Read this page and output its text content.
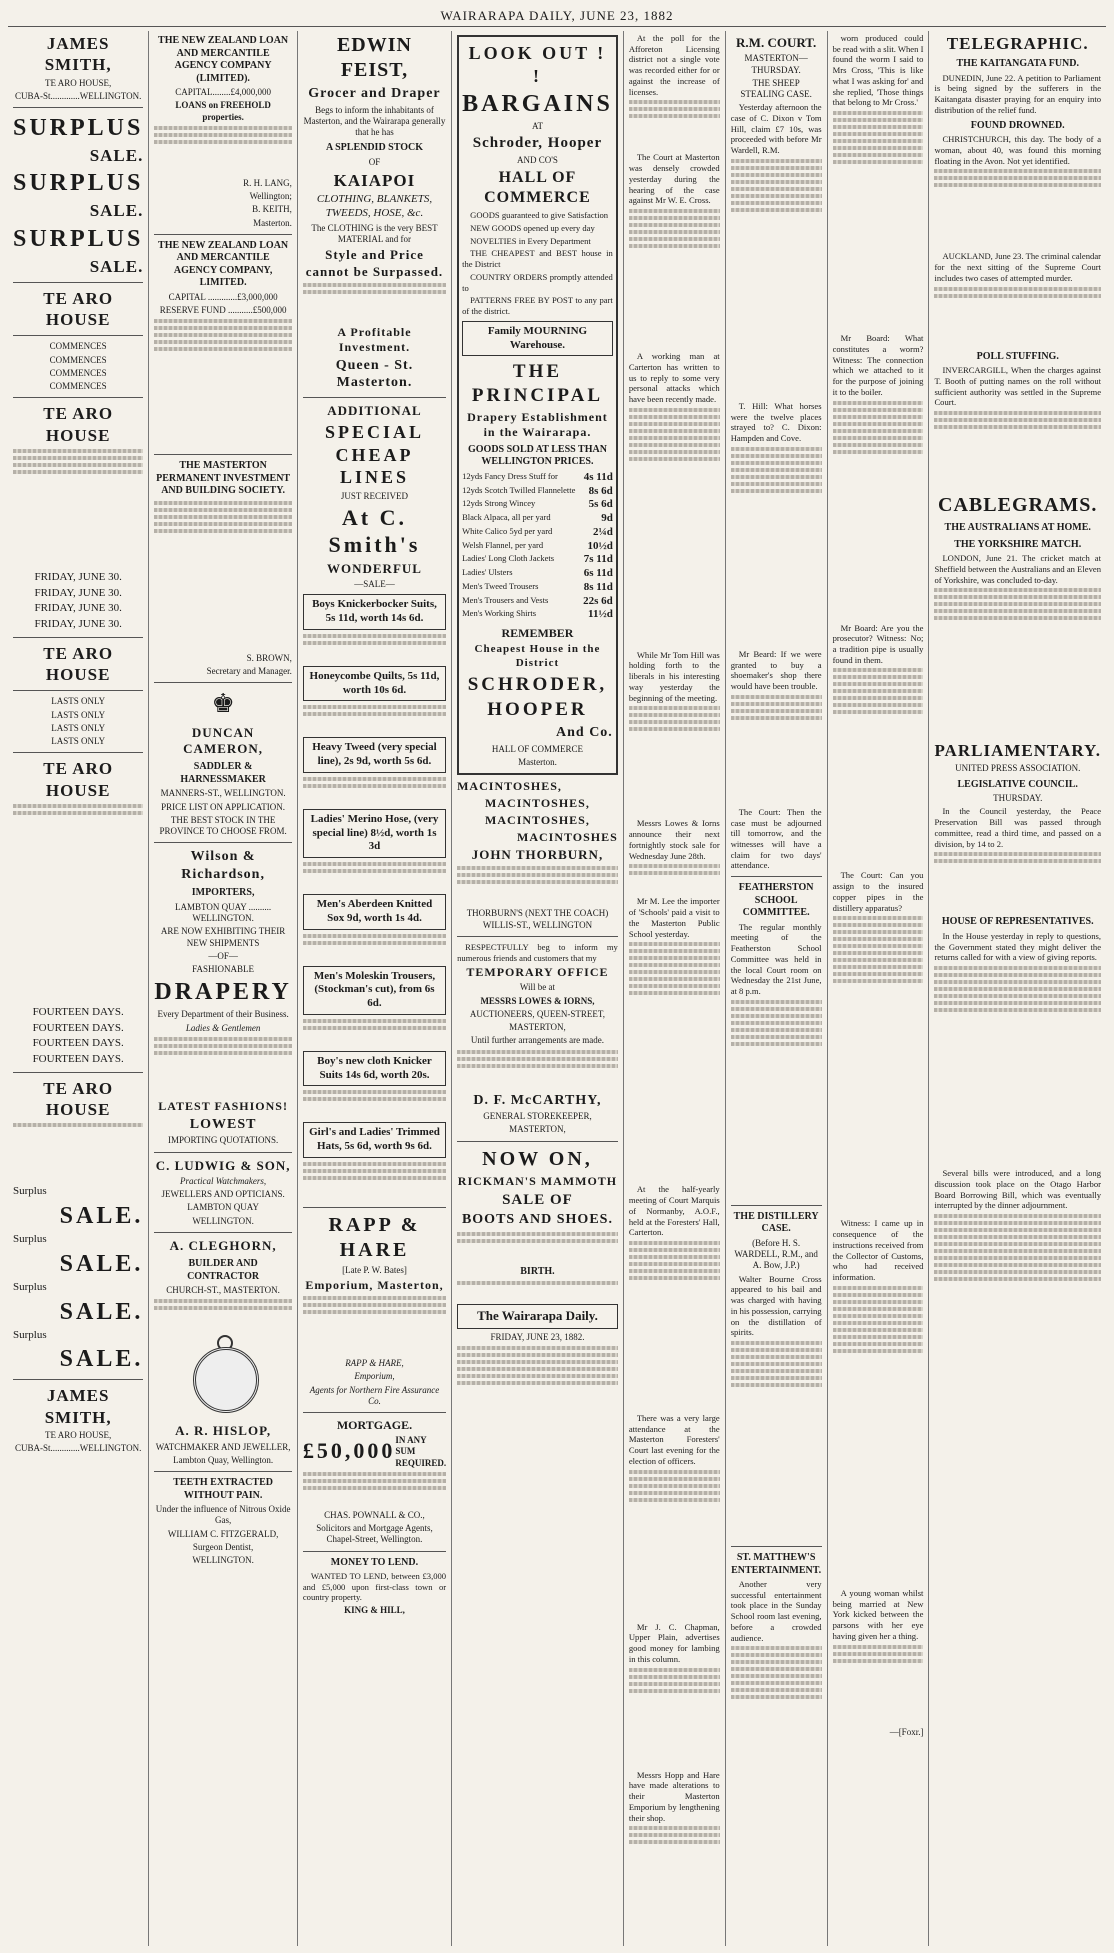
WAIRARAPA DAILY, JUNE 23, 1882
JAMES SMITH,
TE ARO HOUSE,
CUBA-St.............WELLINGTON.
SURPLUS
SALE.
SURPLUS
SALE.
SURPLUS
SALE.
TE ARO HOUSE
COMMENCES
COMMENCES
COMMENCES
COMMENCES
TE ARO HOUSE
FRIDAY, JUNE 30.
FRIDAY, JUNE 30.
FRIDAY, JUNE 30.
FRIDAY, JUNE 30.
TE ARO HOUSE
LASTS ONLY
LASTS ONLY
LASTS ONLY
LASTS ONLY
TE ARO HOUSE
FOURTEEN DAYS.
FOURTEEN DAYS.
FOURTEEN DAYS.
FOURTEEN DAYS.
TE ARO HOUSE
Surplus
SALE.
Surplus
SALE.
Surplus
SALE.
Surplus
SALE.
JAMES SMITH,
TE ARO HOUSE,
CUBA-St.............WELLINGTON.
THE NEW ZEALAND LOAN AND MERCANTILE AGENCY COMPANY (LIMITED).
CAPITAL........£4,000,000
LOANS on FREEHOLD properties.
R. H. LANG,
Wellington;
B. KEITH,
Masterton.
THE NEW ZEALAND LOAN AND MERCANTILE AGENCY COMPANY, LIMITED.
CAPITAL .............£3,000,000
RESERVE FUND ...........£500,000
THE MASTERTON PERMANENT INVESTMENT AND BUILDING SOCIETY.
S. BROWN,
Secretary and Manager.
♚
DUNCAN CAMERON,
SADDLER & HARNESSMAKER
MANNERS-ST., WELLINGTON.
PRICE LIST ON APPLICATION.
THE BEST STOCK IN THE PROVINCE TO CHOOSE FROM.
Wilson & Richardson,
IMPORTERS,
LAMBTON QUAY .......... WELLINGTON.
ARE NOW EXHIBITING THEIR NEW SHIPMENTS
—OF—
FASHIONABLE
DRAPERY
Every Department of their Business.
Ladies & Gentlemen
LATEST FASHIONS!
LOWEST
IMPORTING QUOTATIONS.
C. LUDWIG & SON,
Practical Watchmakers,
JEWELLERS AND OPTICIANS.
LAMBTON QUAY
WELLINGTON.
A. CLEGHORN,
BUILDER AND CONTRACTOR
CHURCH-ST., MASTERTON.
A. R. HISLOP,
WATCHMAKER AND JEWELLER,
Lambton Quay, Wellington.
TEETH EXTRACTED WITHOUT PAIN.
Under the influence of Nitrous Oxide Gas,
WILLIAM C. FITZGERALD,
Surgeon Dentist,
WELLINGTON.
EDWIN FEIST,
Grocer and Draper
Begs to inform the inhabitants of Masterton, and the Wairarapa generally that he has
A SPLENDID STOCK
OF
KAIAPOI
CLOTHING, BLANKETS, TWEEDS, HOSE, &c.
The CLOTHING is the very BEST MATERIAL and for
Style and Price cannot be Surpassed.
A Profitable Investment.
Queen - St. Masterton.
ADDITIONAL
SPECIAL CHEAP LINES
JUST RECEIVED
At C. Smith's
WONDERFUL
—SALE—
Boys Knickerbocker Suits, 5s 11d, worth 14s 6d.
Honeycombe Quilts, 5s 11d, worth 10s 6d.
Heavy Tweed (very special line), 2s 9d, worth 5s 6d.
Ladies' Merino Hose, (very special line) 8½d, worth 1s 3d
Men's Aberdeen Knitted Sox 9d, worth 1s 4d.
Men's Moleskin Trousers, (Stockman's cut), from 6s 6d.
Boy's new cloth Knicker Suits 14s 6d, worth 20s.
Girl's and Ladies' Trimmed Hats, 5s 6d, worth 9s 6d.
RAPP & HARE
[Late P. W. Bates]
Emporium, Masterton,
RAPP & HARE,
Emporium,
Agents for Northern Fire Assurance Co.
MORTGAGE.
£50,000 IN ANY SUM REQUIRED.
CHAS. POWNALL & CO.,
Solicitors and Mortgage Agents, Chapel-Street, Wellington.
MONEY TO LEND.
WANTED TO LEND, between £3,000 and £5,000 upon first-class town or country property.
KING & HILL,
LOOK OUT ! !
BARGAINS
AT
Schroder, Hooper
AND CO'S
HALL OF COMMERCE
GOODS guaranteed to give Satisfaction
NEW GOODS opened up every day
NOVELTIES in Every Department
THE CHEAPEST and BEST house in the District
COUNTRY ORDERS promptly attended to
PATTERNS FREE BY POST to any part of the district.
Family MOURNING Warehouse.
THE PRINCIPAL
Drapery Establishment in the Wairarapa.
GOODS SOLD AT LESS THAN WELLINGTON PRICES.
12yds Fancy Dress Stuff for 4s 11d
12yds Scotch Twilled Flannelette 8s 6d
12yds Strong Wincey	5s 6d
Black Alpaca, all per yard	9d
White Calico 5yd per yard	2¼d
Welsh Flannel, per yard	10½d
Ladies' Long Cloth Jackets	7s 11d
Ladies' Ulsters	6s 11d
Men's Tweed Trousers	8s 11d
Men's Trousers and Vests	22s 6d
Men's Working Shirts	11½d
REMEMBER
Cheapest House in the District
SCHRODER,
HOOPER
And Co.
HALL OF COMMERCE
Masterton.
MACINTOSHES,
MACINTOSHES,
MACINTOSHES,
MACINTOSHES
JOHN THORBURN,
THORBURN'S (NEXT THE COACH) WILLIS-ST., WELLINGTON
RESPECTFULLY beg to inform my numerous friends and customers that my
TEMPORARY OFFICE
Will be at
MESSRS LOWES & IORNS,
AUCTIONEERS, QUEEN-STREET,
MASTERTON,
Until further arrangements are made.
D. F. McCARTHY,
GENERAL STOREKEEPER,
MASTERTON,
NOW ON,
RICKMAN'S MAMMOTH
SALE OF
BOOTS AND SHOES.
BIRTH.
The Wairarapa Daily.
FRIDAY, JUNE 23, 1882.
At the poll for the Afforeton Licensing district not a single vote was recorded either for or against the increase of licenses.
The Court at Masterton was densely crowded yesterday during the hearing of the case against Mr W. E. Cross.
A working man at Carterton has written to us to reply to some very personal attacks which have been recently made.
While Mr Tom Hill was holding forth to the liberals in his interesting way yesterday the beginning of the meeting.
Messrs Lowes & Iorns announce their next fortnightly stock sale for Wednesday June 28th.
Mr M. Lee the importer of 'Schools' paid a visit to the Masterton Public School yesterday.
At the half-yearly meeting of Court Marquis of Normanby, A.O.F., held at the Foresters' Hall, Carterton.
There was a very large attendance at the Masterton Foresters' Court last evening for the election of officers.
Mr J. C. Chapman, Upper Plain, advertises good money for lambing in this column.
Messrs Hopp and Hare have made alterations to their Masterton Emporium by lengthening their shop.
R.M. COURT.
MASTERTON—THURSDAY.
THE SHEEP STEALING CASE.
Yesterday afternoon the case of C. Dixon v Tom Hill, claim £7 10s, was proceeded with before Mr Wardell, R.M.
T. Hill: What horses were the twelve places strayed to? C. Dixon: Hampden and Cove.
Mr Beard: If we were granted to buy a shoemaker's shop there would have been trouble.
The Court: Then the case must be adjourned till tomorrow, and the witnesses will have a claim for two days' attendance.
FEATHERSTON SCHOOL COMMITTEE.
The regular monthly meeting of the Featherston School Committee was held in the local Court room on Wednesday the 21st June, at 8 p.m.
THE DISTILLERY CASE.
(Before H. S. WARDELL, R.M., and A. Bow, J.P.)
Walter Bourne Cross appeared to his bail and was charged with having in his possession, carrying on the distillation of spirits.
ST. MATTHEW'S ENTERTAINMENT.
Another very successful entertainment took place in the Sunday School room last evening, before a crowded audience.
worn produced could be read with a slit. When I found the worm I said to Mrs Cross, 'This is like what I was asking for' and she replied, 'Those things that belong to Mr Cross.'
Mr Board: What constitutes a worm? Witness: The connection which we attached to it for the purpose of joining it to the boiler.
Mr Board: Are you the prosecutor? Witness: No; a tradition pipe is usually found in them.
The Court: Can you assign to the insured copper pipes in the distillery apparatus?
Witness: I came up in consequence of the instructions received from the Collector of Customs, who had received information.
A young woman whilst being married at New York kicked between the parsons with her eye having given her a thing.
—[Foxr.]
TELEGRAPHIC.
THE KAITANGATA FUND.
DUNEDIN, June 22. A petition to Parliament is being signed by the sufferers in the Kaitangata disaster praying for an enquiry into distribution of the relief fund.
FOUND DROWNED.
CHRISTCHURCH, this day. The body of a woman, about 40, was found this morning floating in the Avon. Not yet identified.
AUCKLAND, June 23. The criminal calendar for the next sitting of the Supreme Court includes two cases of attempted murder.
POLL STUFFING.
INVERCARGILL, When the charges against T. Booth of putting names on the roll without sufficient authority was settled in the Supreme Court.
CABLEGRAMS.
THE AUSTRALIANS AT HOME.
THE YORKSHIRE MATCH.
LONDON, June 21. The cricket match at Sheffield between the Australians and an Eleven of Yorkshire, was concluded to-day.
PARLIAMENTARY.
UNITED PRESS ASSOCIATION.
LEGISLATIVE COUNCIL.
THURSDAY.
In the Council yesterday, the Peace Preservation Bill was passed through committee, read a third time, and passed on a division, by 14 to 2.
HOUSE OF REPRESENTATIVES.
In the House yesterday in reply to questions, the Government stated they might deliver the returns called for with a view of giving reports.
Several bills were introduced, and a long discussion took place on the Otago Harbor Board Borrowing Bill, which was eventually interrupted by the dinner adjournment.
